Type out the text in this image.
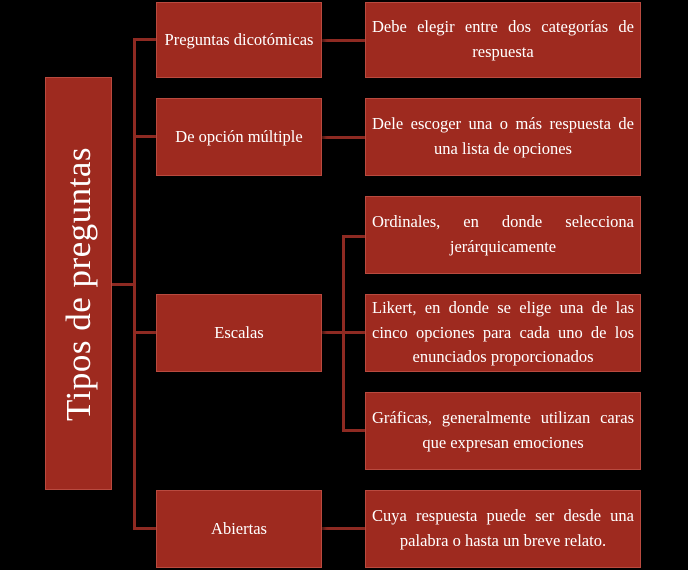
Tipos de preguntas
Preguntas dicotómicas
De opción múltiple
Escalas
Abiertas
Debe elegir entre dos categorías de respuesta
Dele escoger una o más respuesta de una lista de opciones
Ordinales, en donde selecciona jerárquicamente
Likert, en donde se elige una de las cinco opciones para cada uno de los enunciados proporcionados
Gráficas, generalmente utilizan caras que expresan emociones
Cuya respuesta puede ser desde una palabra o hasta un breve relato.
